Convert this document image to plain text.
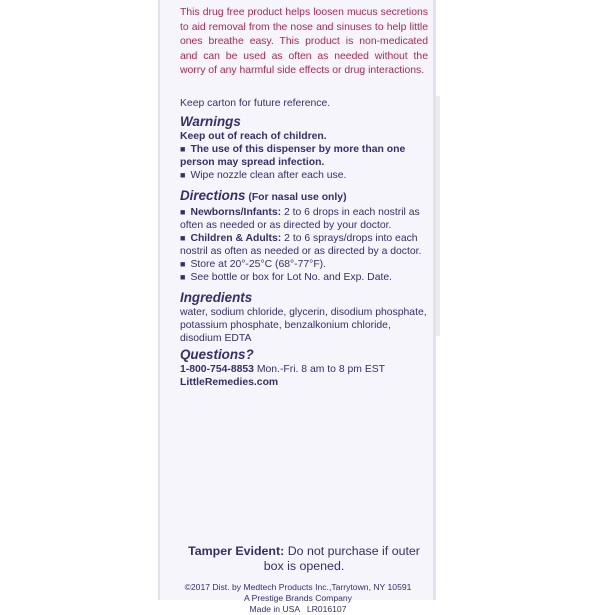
This drug free product helps loosen mucus secretions to aid removal from the nose and sinuses to help little ones breathe easy. This product is non-medicated and can be used as often as needed without the worry of any harmful side effects or drug interactions.

Keep carton for future reference.

Warnings

Keep out of reach of children.

■ The use of this dispenser by more than one person may spread infection.

■ Wipe nozzle clean after each use.

Directions (For nasal use only)

■ Newborns/Infants: 2 to 6 drops in each nostril as often as needed or as directed by your doctor.

■ Children & Adults: 2 to 6 sprays/drops into each nostril as often as needed or as directed by a doctor.

■ Store at 20°-25°C (68°-77°F).

■ See bottle or box for Lot No. and Exp. Date.

Ingredients

water, sodium chloride, glycerin, disodium phosphate, potassium phosphate, benzalkonium chloride, disodium EDTA

Questions?

1-800-754-8853 Mon.-Fri. 8 am to 8 pm EST

LittleRemedies.com

Tamper Evident: Do not purchase if outer box is opened.
©2017 Dist. by Medtech Products Inc.,Tarrytown, NY 10591
A Prestige Brands Company
Made in USA   LR016107
